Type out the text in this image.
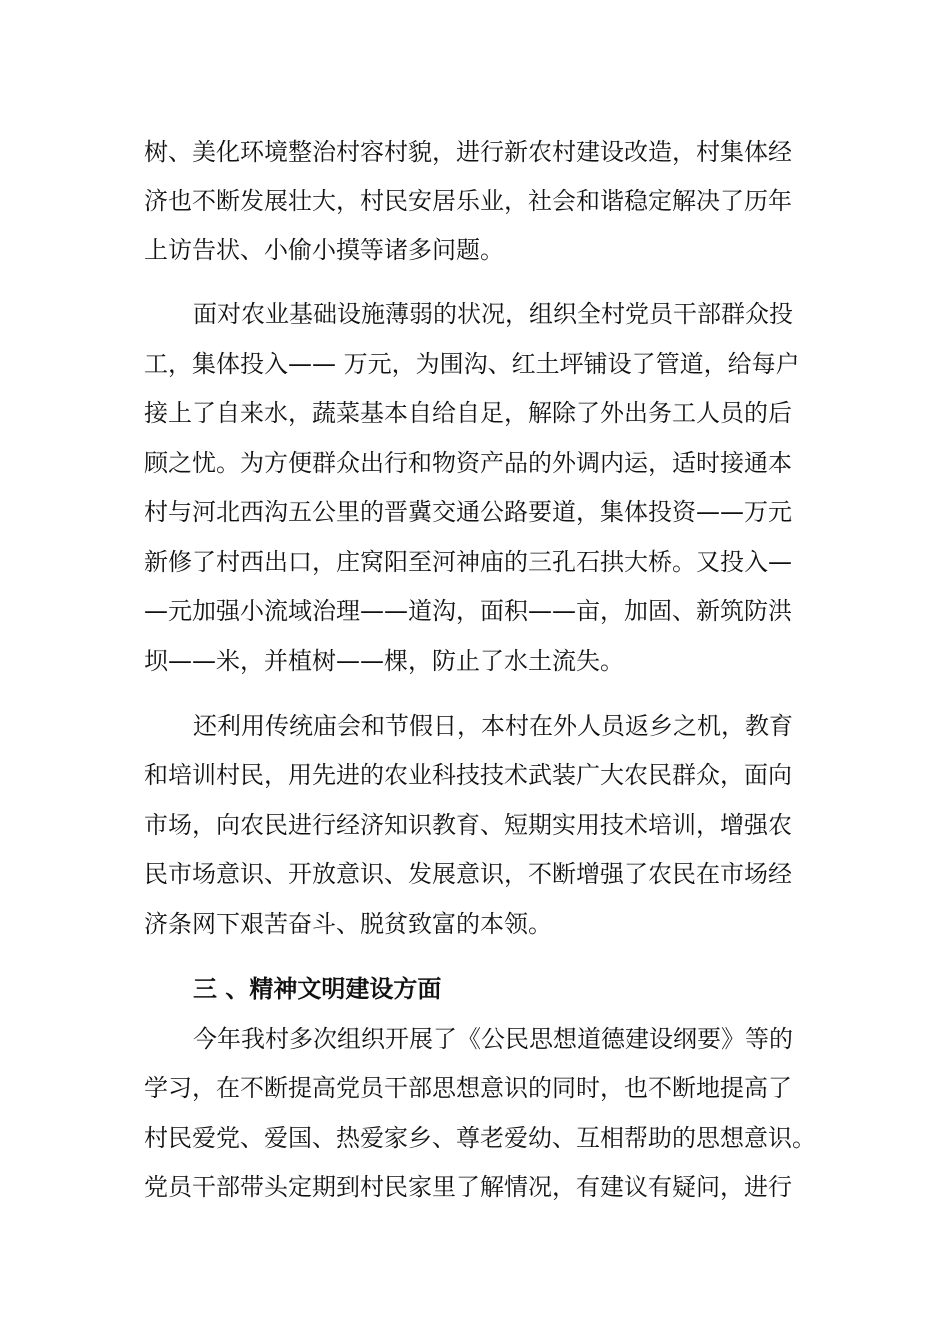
树、美化环境整治村容村貌，进行新农村建设改造，村集体经
济也不断发展壮大，村民安居乐业，社会和谐稳定解决了历年
上访告状、小偷小摸等诸多问题。
面对农业基础设施薄弱的状况，组织全村党员干部群众投
工，集体投入—— 万元，为围沟、红土坪铺设了管道，给每户
接上了自来水，蔬菜基本自给自足，解除了外出务工人员的后
顾之忧。为方便群众出行和物资产品的外调内运，适时接通本
村与河北西沟五公里的晋冀交通公路要道，集体投资——万元
新修了村西出口，庄窝阳至河神庙的三孔石拱大桥。又投入—
—元加强小流域治理——道沟，面积——亩，加固、新筑防洪
坝——米，并植树——棵，防止了水土流失。
还利用传统庙会和节假日，本村在外人员返乡之机，教育
和培训村民，用先进的农业科技技术武装广大农民群众，面向
市场，向农民进行经济知识教育、短期实用技术培训，增强农
民市场意识、开放意识、发展意识，不断增强了农民在市场经
济条网下艰苦奋斗、脱贫致富的本领。
三 、精神文明建设方面
今年我村多次组织开展了《公民思想道德建设纲要》等的
学习，在不断提高党员干部思想意识的同时，也不断地提高了
村民爱党、爱国、热爱家乡、尊老爱幼、互相帮助的思想意识。
党员干部带头定期到村民家里了解情况，有建议有疑问，进行
